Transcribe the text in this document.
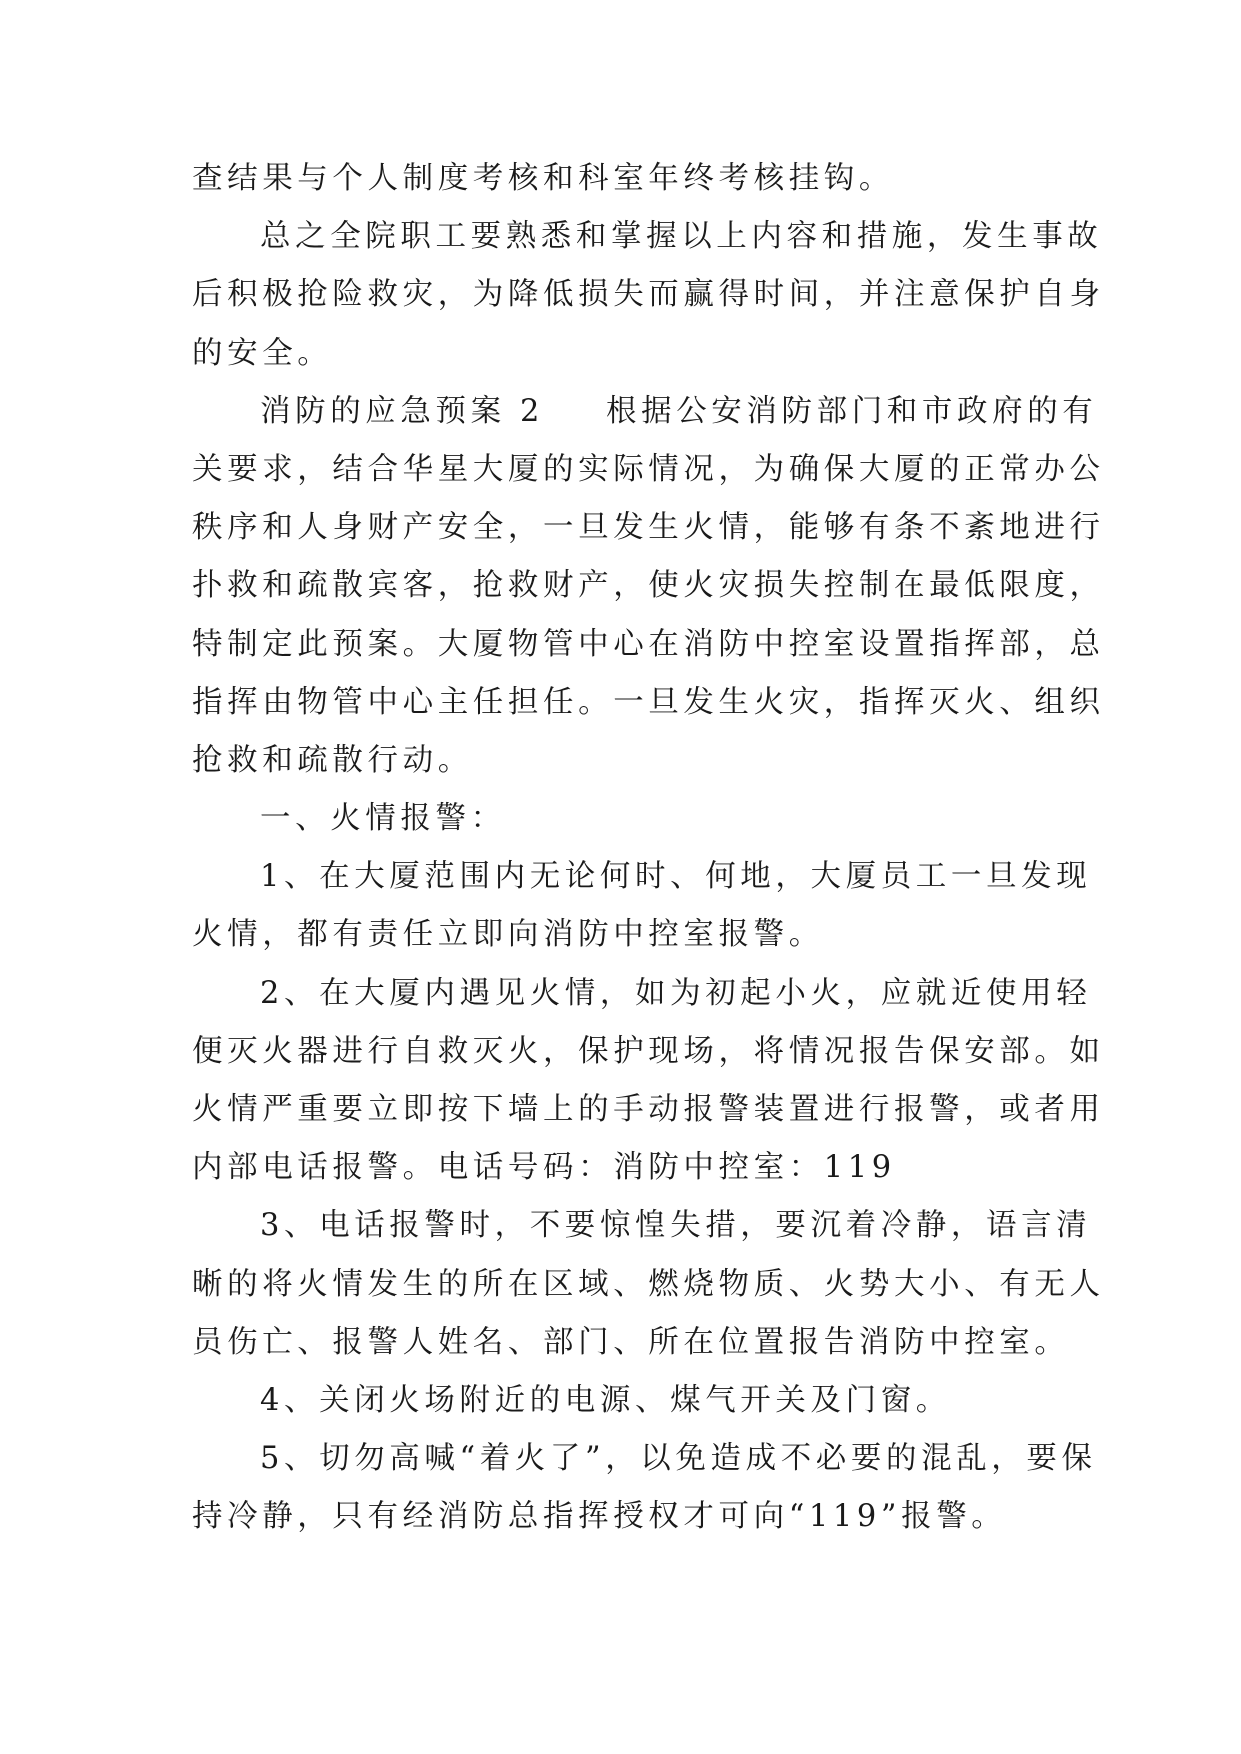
查结果与个人制度考核和科室年终考核挂钩。
总之全院职工要熟悉和掌握以上内容和措施，发生事故
后积极抢险救灾，为降低损失而赢得时间，并注意保护自身
的安全。
消防的应急预案 2 根据公安消防部门和市政府的有
关要求，结合华星大厦的实际情况，为确保大厦的正常办公
秩序和人身财产安全，一旦发生火情，能够有条不紊地进行
扑救和疏散宾客，抢救财产，使火灾损失控制在最低限度，
特制定此预案。大厦物管中心在消防中控室设置指挥部，总
指挥由物管中心主任担任。一旦发生火灾，指挥灭火、组织
抢救和疏散行动。
一、火情报警：
1、在大厦范围内无论何时、何地，大厦员工一旦发现
火情，都有责任立即向消防中控室报警。
2、在大厦内遇见火情，如为初起小火，应就近使用轻
便灭火器进行自救灭火，保护现场，将情况报告保安部。如
火情严重要立即按下墙上的手动报警装置进行报警，或者用
内部电话报警。电话号码：消防中控室：119
3、电话报警时，不要惊惶失措，要沉着冷静，语言清
晰的将火情发生的所在区域、燃烧物质、火势大小、有无人
员伤亡、报警人姓名、部门、所在位置报告消防中控室。
4、关闭火场附近的电源、煤气开关及门窗。
5、切勿高喊“着火了”，以免造成不必要的混乱，要保
持冷静，只有经消防总指挥授权才可向“119”报警。
